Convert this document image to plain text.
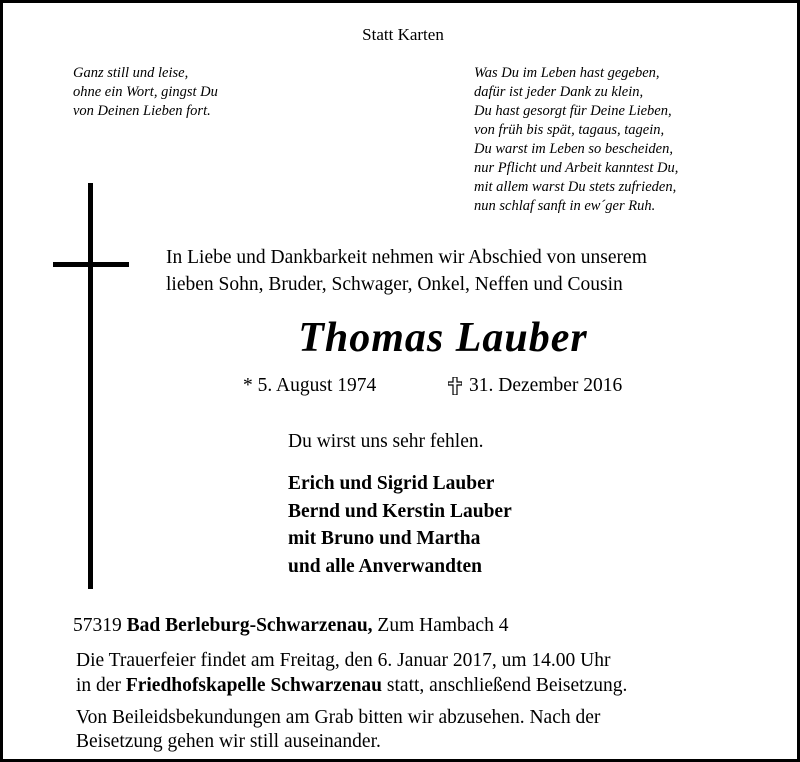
Statt Karten
Ganz still und leise,
ohne ein Wort, gingst Du
von Deinen Lieben fort.
Was Du im Leben hast gegeben,
dafür ist jeder Dank zu klein,
Du hast gesorgt für Deine Lieben,
von früh bis spät, tagaus, tagein,
Du warst im Leben so bescheiden,
nur Pflicht und Arbeit kanntest Du,
mit allem warst Du stets zufrieden,
nun schlaf sanft in ew´ger Ruh.
In Liebe und Dankbarkeit nehmen wir Abschied von unserem
lieben Sohn, Bruder, Schwager, Onkel, Neffen und Cousin
Thomas Lauber
* 5. August 1974	31. Dezember 2016
Du wirst uns sehr fehlen.
Erich und Sigrid Lauber
Bernd und Kerstin Lauber
mit Bruno und Martha
und alle Anverwandten
57319 Bad Berleburg-Schwarzenau, Zum Hambach 4
Die Trauerfeier findet am Freitag, den 6. Januar 2017, um 14.00 Uhr
in der Friedhofskapelle Schwarzenau statt, anschließend Beisetzung.
Von Beileidsbekundungen am Grab bitten wir abzusehen. Nach der
Beisetzung gehen wir still auseinander.
